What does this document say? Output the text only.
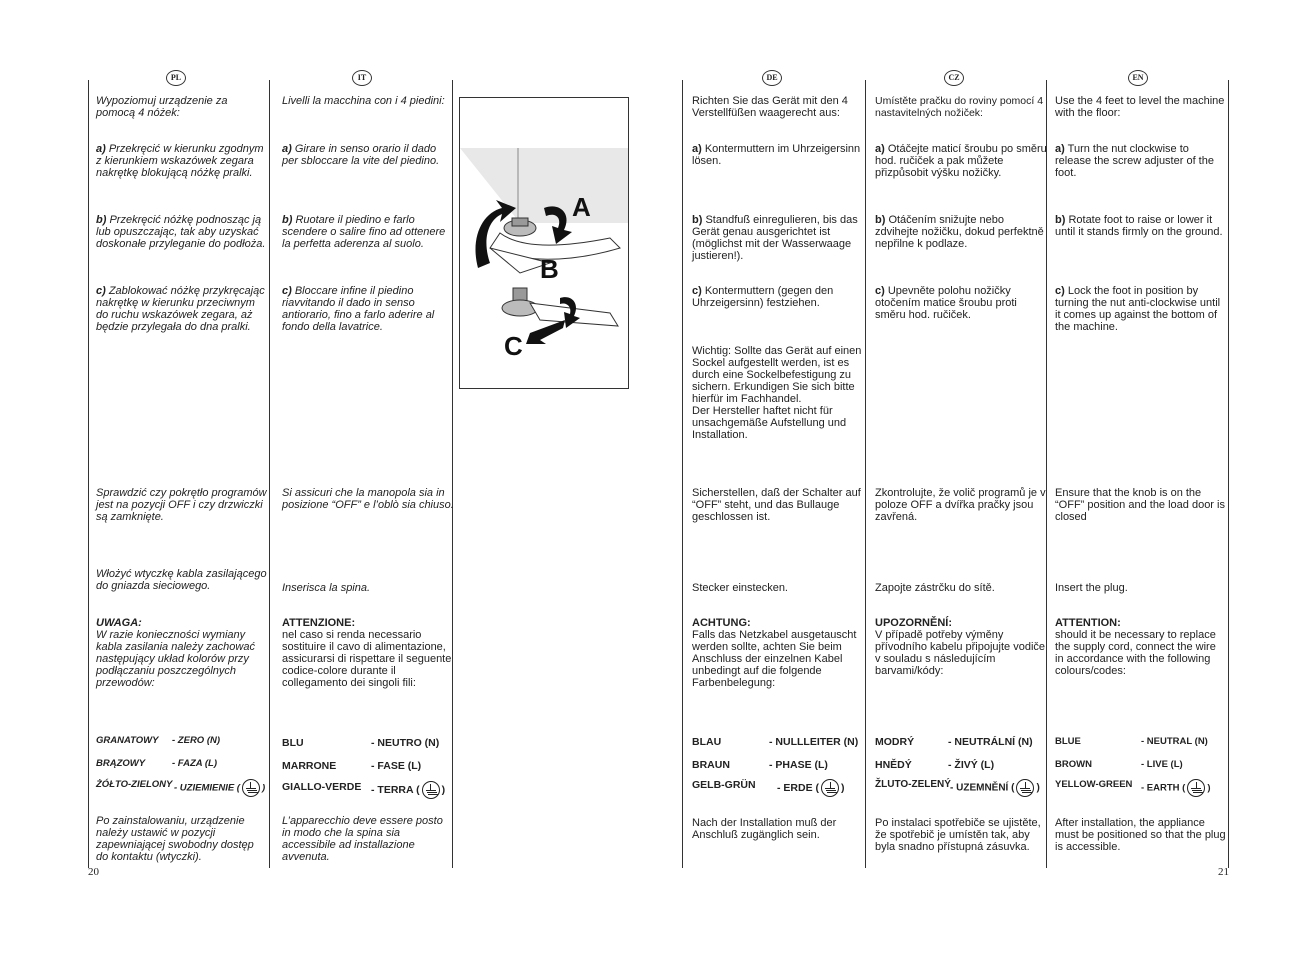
PL	IT	DE	CZ	EN

Wypoziomuj urządzenie za pomocą 4 nóżek:

a) Przekręcić w kierunku zgodnym z kierunkiem wskazówek zegara nakrętkę blokującą nóżkę pralki.

b) Przekręcić nóżkę podnosząc ją lub opuszczając, tak aby uzyskać doskonałe przyleganie do podłoża.

c) Zablokować nóżkę przykręcając nakrętkę w kierunku przeciwnym do ruchu wskazówek zegara, aż będzie przylegała do dna pralki.

Sprawdzić czy pokrętło programów jest na pozycji OFF i czy drzwiczki są zamknięte.

Włożyć wtyczkę kabla zasilającego do gniazda sieciowego.

UWAGA:
W razie konieczności wymiany kabla zasilania należy zachować następujący układ kolorów przy podłączaniu poszczególnych przewodów:

GRANATOWY - ZERO (N)
BRĄZOWY	- FAZA (L)
ŻÓŁTO-ZIELONY - UZIEMIENIE ( )

Po zainstalowaniu, urządzenie należy ustawić w pozycji zapewniającej swobodny dostęp do kontaktu (wtyczki).

Livelli la macchina con i 4 piedini:

a) Girare in senso orario il dado per sbloccare la vite del piedino.

b) Ruotare il piedino e farlo scendere o salire fino ad ottenere la perfetta aderenza al suolo.

c) Bloccare infine il piedino riavvitando il dado in senso antiorario, fino a farlo aderire al fondo della lavatrice.

Si assicuri che la manopola sia in posizione “OFF” e l’oblò sia chiuso.

Inserisca la spina.

ATTENZIONE:
nel caso si renda necessario sostituire il cavo di alimentazione, assicurarsi di rispettare il seguente codice-colore durante il collegamento dei singoli fili:

BLU	- NEUTRO (N)
MARRONE	- FASE (L)
GIALLO-VERDE - TERRA ( )

L’apparecchio deve essere posto in modo che la spina sia accessibile ad installazione avvenuta.

A
B
C

Richten Sie das Gerät mit den 4 Verstellfüßen waagerecht aus:

a) Kontermuttern im Uhrzeigersinn lösen.

b) Standfuß einregulieren, bis das Gerät genau ausgerichtet ist (möglichst mit der Wasserwaage justieren!).

c) Kontermuttern (gegen den Uhrzeigersinn) festziehen.

Wichtig: Sollte das Gerät auf einen Sockel aufgestellt werden, ist es durch eine Sockelbefestigung zu sichern. Erkundigen Sie sich bitte hierfür im Fachhandel.
Der Hersteller haftet nicht für unsachgemäße Aufstellung und Installation.

Sicherstellen, daß der Schalter auf “OFF” steht, und das Bullauge geschlossen ist.

Stecker einstecken.

ACHTUNG:
Falls das Netzkabel ausgetauscht werden sollte, achten Sie beim Anschluss der einzelnen Kabel unbedingt auf die folgende Farbenbelegung:

BLAU	- NULLLEITER (N)
BRAUN	- PHASE (L)
GELB-GRÜN - ERDE ( )

Nach der Installation muß der Anschluß zugänglich sein.

Umístěte pračku do roviny pomocí 4 nastavitelných nožiček:

a) Otáčejte maticí šroubu po směru hod. ručiček a pak můžete přizpůsobit výšku nožičky.

b) Otáčením snižujte nebo zdvihejte nožičku, dokud perfektně nepřilne k podlaze.

c) Upevněte polohu nožičky otočením matice šroubu proti směru hod. ručiček.

Zkontrolujte, že volič programů je v poloze OFF a dvířka pračky jsou zavřená.

Zapojte zástrčku do sítě.

UPOZORNĚNÍ:
V případě potřeby výměny přívodního kabelu připojujte vodiče v souladu s následujícím barvami/kódy:

MODRÝ	- NEUTRÁLNÍ (N)
HNĚDÝ	- ŽIVÝ (L)
ŽLUTO-ZELENÝ - UZEMNĚNÍ ( )

Po instalaci spotřebiče se ujistěte, že spotřebič je umístěn tak, aby byla snadno přístupná zásuvka.

Use the 4 feet to level the machine with the floor:

a) Turn the nut clockwise to release the screw adjuster of the foot.

b) Rotate foot to raise or lower it until it stands firmly on the ground.

c) Lock the foot in position by turning the nut anti-clockwise until it comes up against the bottom of the machine.

Ensure that the knob is on the “OFF” position and the load door is closed

Insert the plug.

ATTENTION:
should it be necessary to replace the supply cord, connect the wire in accordance with the following colours/codes:

BLUE	- NEUTRAL (N)
BROWN	- LIVE (L)
YELLOW-GREEN - EARTH ( )

After installation, the appliance must be positioned so that the plug is accessible.

20	21
